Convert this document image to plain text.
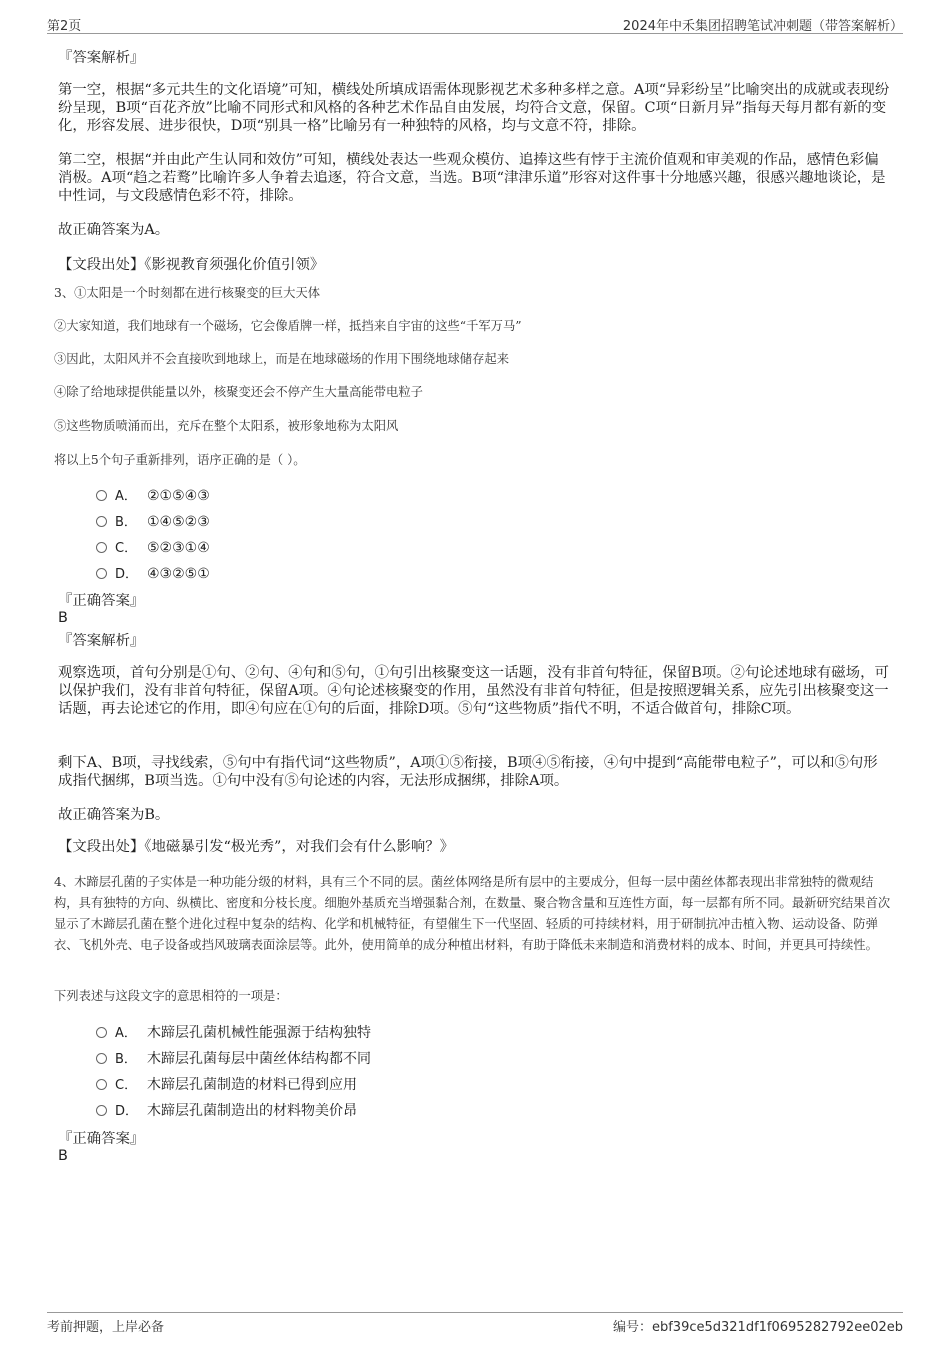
第2页	2024年中禾集团招聘笔试冲刺题（带答案解析）
『答案解析』
第一空，根据“多元共生的文化语境”可知，横线处所填成语需体现影视艺术多种多样之意。A项“异彩纷呈”比喻突出的成就或表现纷纷呈现，B项“百花齐放”比喻不同形式和风格的各种艺术作品自由发展，均符合文意，保留。C项“日新月异”指每天每月都有新的变化，形容发展、进步很快，D项“别具一格”比喻另有一种独特的风格，均与文意不符，排除。
第二空，根据“并由此产生认同和效仿”可知，横线处表达一些观众模仿、追捧这些有悖于主流价值观和审美观的作品，感情色彩偏消极。A项“趋之若鹜”比喻许多人争着去追逐，符合文意，当选。B项“津津乐道”形容对这件事十分地感兴趣，很感兴趣地谈论，是中性词，与文段感情色彩不符，排除。
故正确答案为A。
【文段出处】《影视教育须强化价值引领》
3、①太阳是一个时刻都在进行核聚变的巨大天体
②大家知道，我们地球有一个磁场，它会像盾牌一样，抵挡来自宇宙的这些“千军万马”
③因此，太阳风并不会直接吹到地球上，而是在地球磁场的作用下围绕地球储存起来
④除了给地球提供能量以外，核聚变还会不停产生大量高能带电粒子
⑤这些物质喷涌而出，充斥在整个太阳系，被形象地称为太阳风
将以上5个句子重新排列，语序正确的是（ ）。
A． ②①⑤④③
B． ①④⑤②③
C． ⑤②③①④
D． ④③②⑤①
『正确答案』
B
『答案解析』
观察选项，首句分别是①句、②句、④句和⑤句，①句引出核聚变这一话题，没有非首句特征，保留B项。②句论述地球有磁场，可以保护我们，没有非首句特征，保留A项。④句论述核聚变的作用，虽然没有非首句特征，但是按照逻辑关系，应先引出核聚变这一话题，再去论述它的作用，即④句应在①句的后面，排除D项。⑤句“这些物质”指代不明，不适合做首句，排除C项。
剩下A、B项，寻找线索，⑤句中有指代词“这些物质”，A项①⑤衔接，B项④⑤衔接，④句中提到“高能带电粒子”，可以和⑤句形成指代捆绑，B项当选。①句中没有⑤句论述的内容，无法形成捆绑，排除A项。
故正确答案为B。
【文段出处】《地磁暴引发“极光秀”，对我们会有什么影响？》
4、木蹄层孔菌的子实体是一种功能分级的材料，具有三个不同的层。菌丝体网络是所有层中的主要成分，但每一层中菌丝体都表现出非常独特的微观结构，具有独特的方向、纵横比、密度和分枝长度。细胞外基质充当增强黏合剂，在数量、聚合物含量和互连性方面，每一层都有所不同。最新研究结果首次显示了木蹄层孔菌在整个进化过程中复杂的结构、化学和机械特征，有望催生下一代坚固、轻质的可持续材料，用于研制抗冲击植入物、运动设备、防弹衣、飞机外壳、电子设备或挡风玻璃表面涂层等。此外，使用简单的成分种植出材料，有助于降低未来制造和消费材料的成本、时间，并更具可持续性。
下列表述与这段文字的意思相符的一项是：
A． 木蹄层孔菌机械性能强源于结构独特
B． 木蹄层孔菌每层中菌丝体结构都不同
C． 木蹄层孔菌制造的材料已得到应用
D． 木蹄层孔菌制造出的材料物美价昂
『正确答案』
B
考前押题，上岸必备	编号：ebf39ce5d321df1f0695282792ee02eb
